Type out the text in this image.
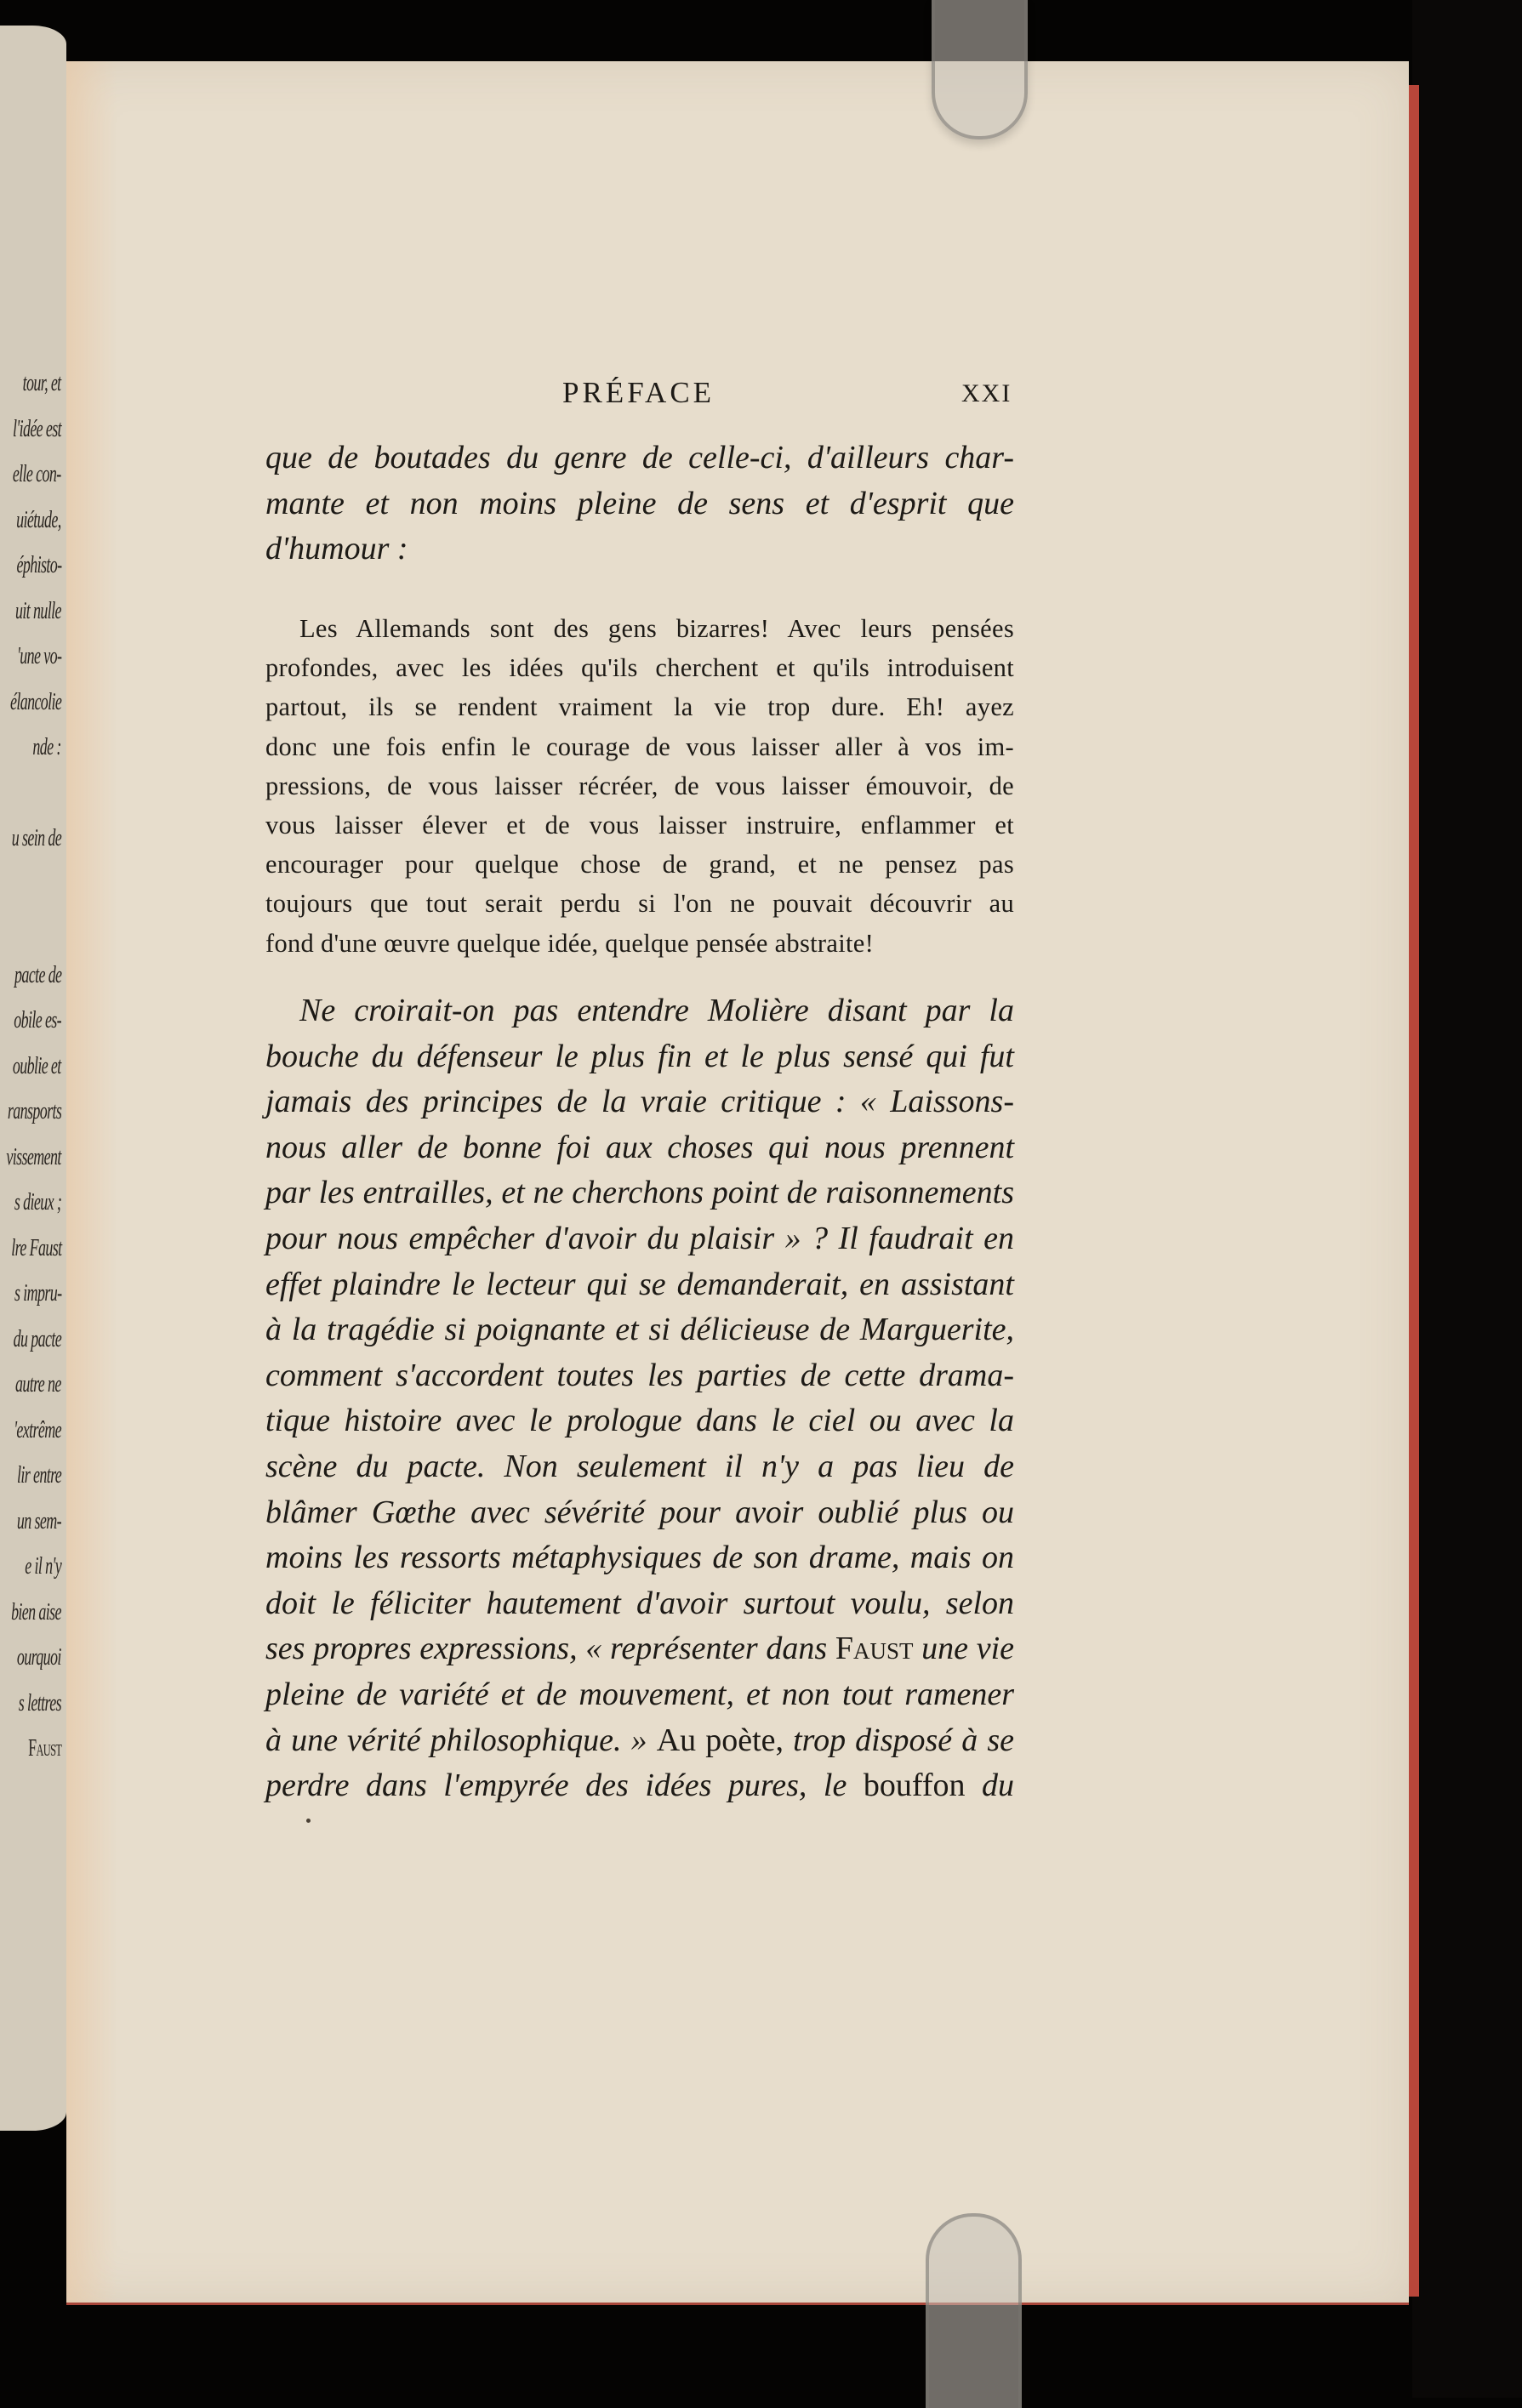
tour, et
l'idée est
elle con-
uiétude,
éphisto-
uit nulle
'une vo-
élancolie
nde :
u sein de
pacte de
obile es-
oublie et
ransports
vissement
s dieux ;
lre Faust
s impru-
du pacte
autre ne
'extrême
lir entre
un sem-
e il n'y
bien aise
ourquoi
s lettres
Faust
PRÉFACE	XXI
que de boutades du genre de celle-ci, d'ailleurs char-
mante et non moins pleine de sens et d'esprit que
d'humour :
Les Allemands sont des gens bizarres! Avec leurs pensées
profondes, avec les idées qu'ils cherchent et qu'ils introduisent
partout, ils se rendent vraiment la vie trop dure. Eh! ayez
donc une fois enfin le courage de vous laisser aller à vos im-
pressions, de vous laisser récréer, de vous laisser émouvoir, de
vous laisser élever et de vous laisser instruire, enflammer et
encourager pour quelque chose de grand, et ne pensez pas
toujours que tout serait perdu si l'on ne pouvait découvrir au
fond d'une œuvre quelque idée, quelque pensée abstraite!
Ne croirait-on pas entendre Molière disant par la
bouche du défenseur le plus fin et le plus sensé qui fut
jamais des principes de la vraie critique : « Laissons-
nous aller de bonne foi aux choses qui nous prennent
par les entrailles, et ne cherchons point de raisonnements
pour nous empêcher d'avoir du plaisir » ? Il faudrait en
effet plaindre le lecteur qui se demanderait, en assistant
à la tragédie si poignante et si délicieuse de Marguerite,
comment s'accordent toutes les parties de cette drama-
tique histoire avec le prologue dans le ciel ou avec la
scène du pacte. Non seulement il n'y a pas lieu de
blâmer Gœthe avec sévérité pour avoir oublié plus ou
moins les ressorts métaphysiques de son drame, mais on
doit le féliciter hautement d'avoir surtout voulu, selon
ses propres expressions, « représenter dans Faust une vie
pleine de variété et de mouvement, et non tout ramener
à une vérité philosophique. » Au poète, trop disposé à se
perdre dans l'empyrée des idées pures, le bouffon du
